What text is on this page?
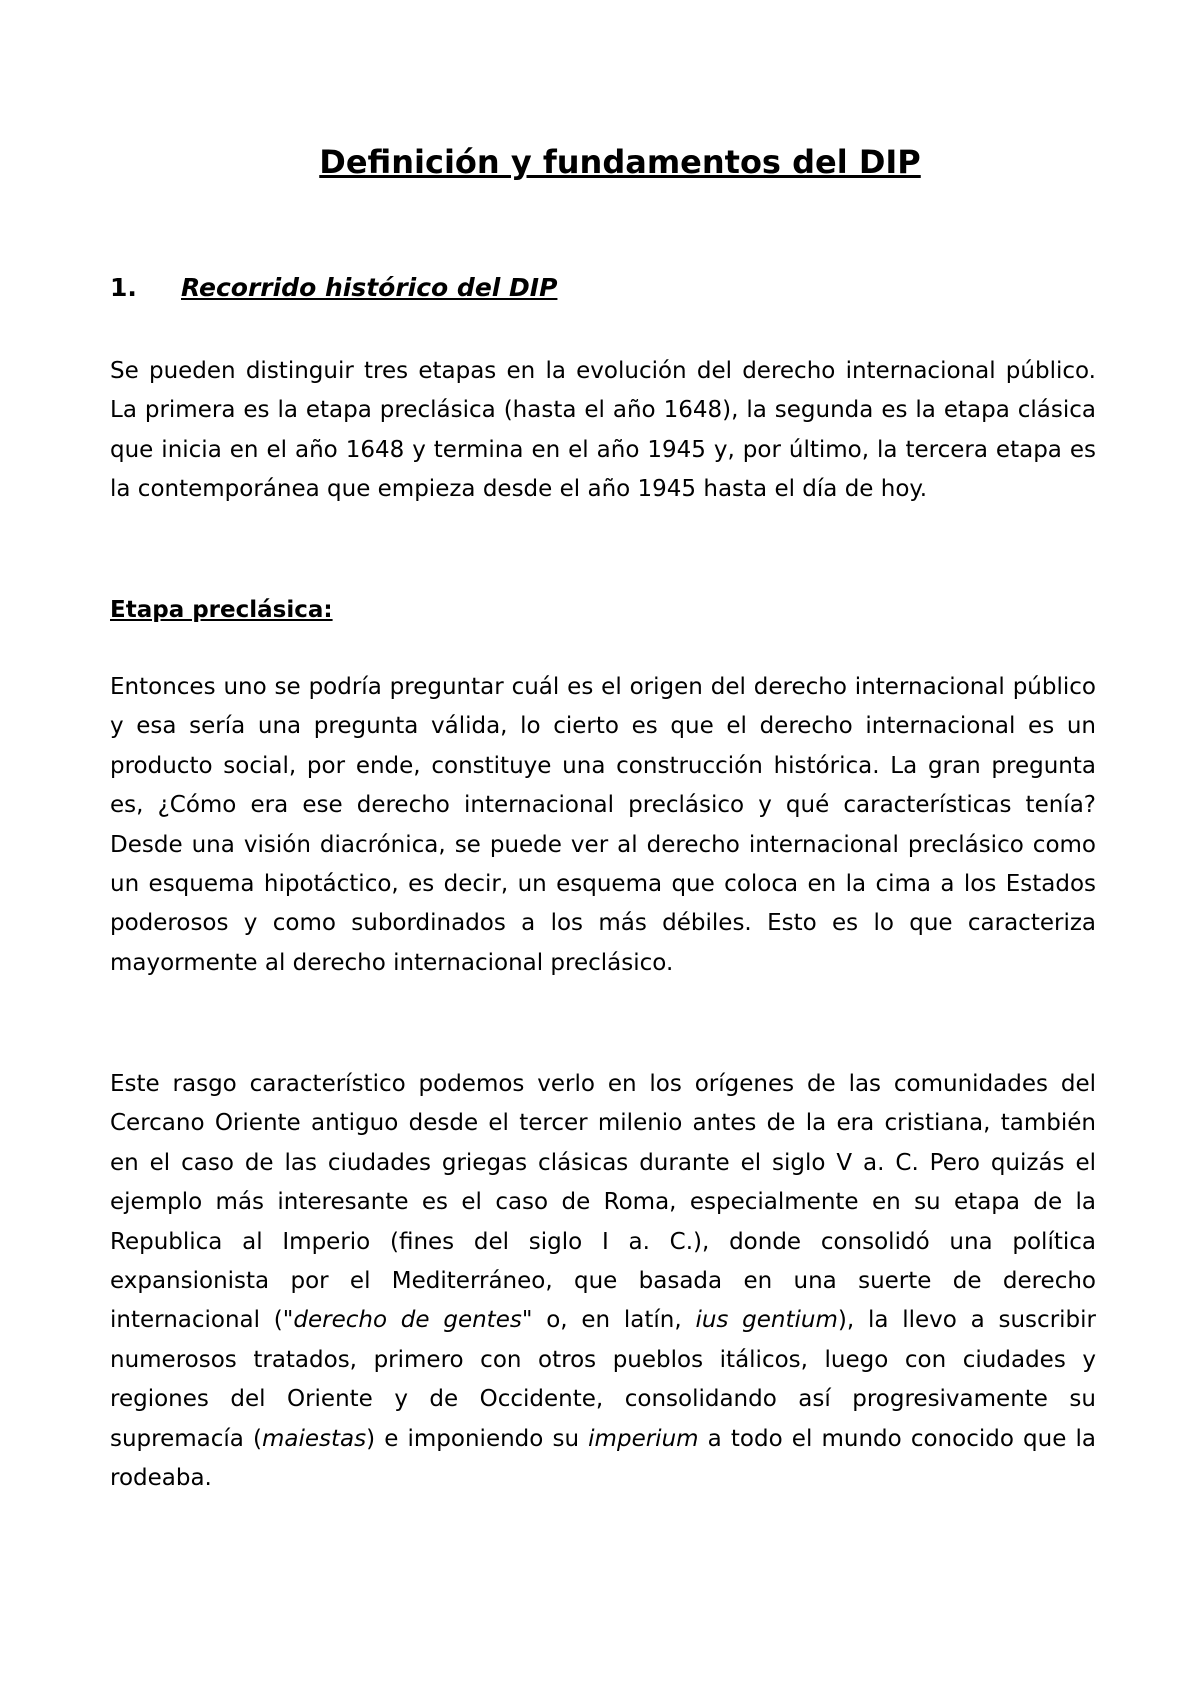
Definición y fundamentos del DIP
1. Recorrido histórico del DIP

Se pueden distinguir tres etapas en la evolución del derecho internacional público. La primera es la etapa preclásica (hasta el año 1648), la segunda es la etapa clásica que inicia en el año 1648 y termina en el año 1945 y, por último, la tercera etapa es la contemporánea que empieza desde el año 1945 hasta el día de hoy.

Etapa preclásica:

Entonces uno se podría preguntar cuál es el origen del derecho internacional público y esa sería una pregunta válida, lo cierto es que el derecho internacional es un producto social, por ende, constituye una construcción histórica. La gran pregunta es, ¿Cómo era ese derecho internacional preclásico y qué características tenía? Desde una visión diacrónica, se puede ver al derecho internacional preclásico como un esquema hipotáctico, es decir, un esquema que coloca en la cima a los Estados poderosos y como subordinados a los más débiles. Esto es lo que caracteriza mayormente al derecho internacional preclásico.

Este rasgo característico podemos verlo en los orígenes de las comunidades del Cercano Oriente antiguo desde el tercer milenio antes de la era cristiana, también en el caso de las ciudades griegas clásicas durante el siglo V a. C. Pero quizás el ejemplo más interesante es el caso de Roma, especialmente en su etapa de la Republica al Imperio (fines del siglo I a. C.), donde consolidó una política expansionista por el Mediterráneo, que basada en una suerte de derecho internacional ("derecho de gentes" o, en latín, ius gentium), la llevo a suscribir numerosos tratados, primero con otros pueblos itálicos, luego con ciudades y regiones del Oriente y de Occidente, consolidando así progresivamente su supremacía (maiestas) e imponiendo su imperium a todo el mundo conocido que la rodeaba.
